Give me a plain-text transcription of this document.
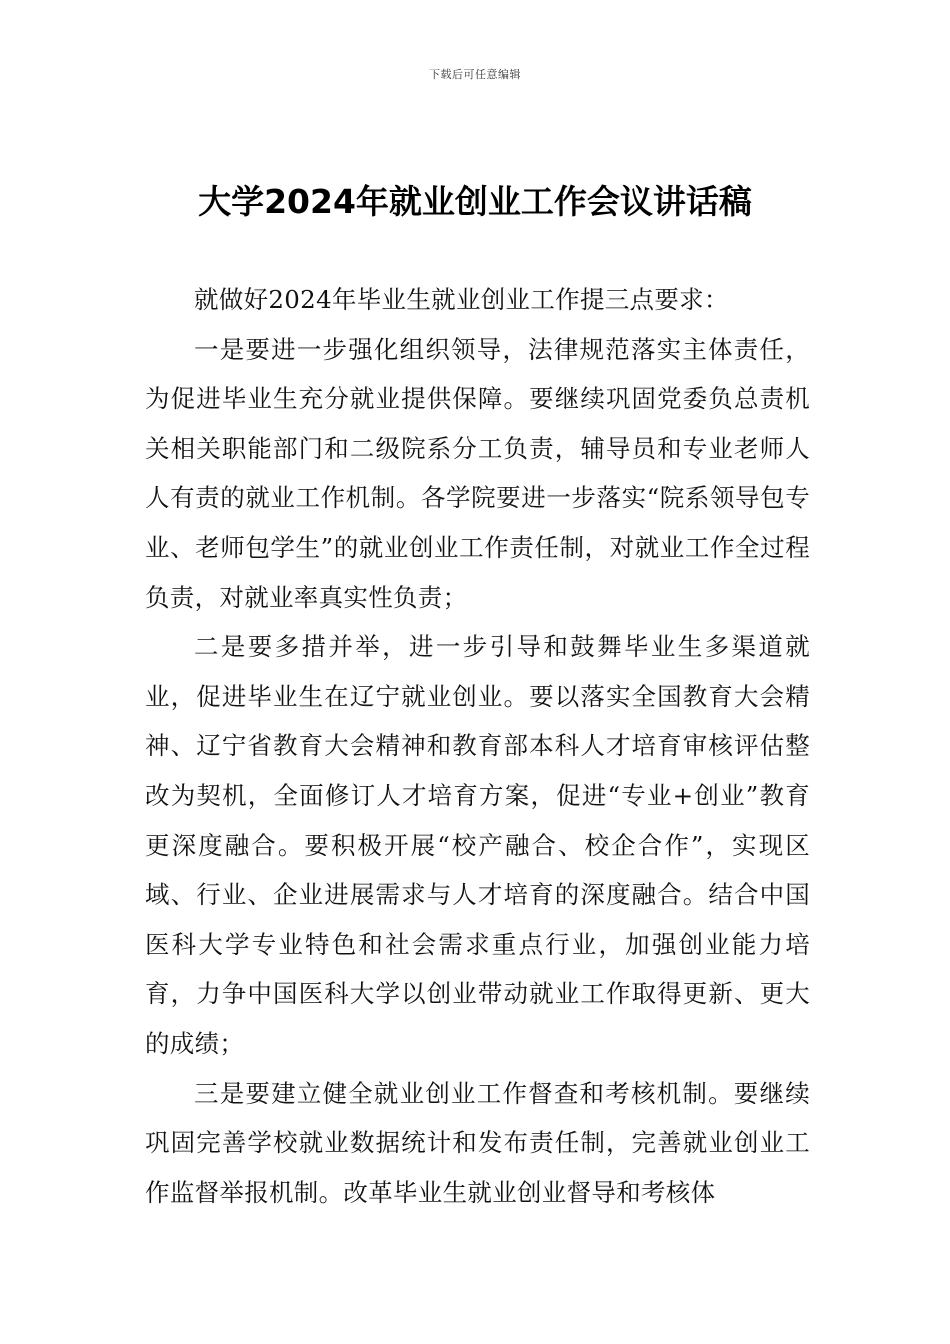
下载后可任意编辑
大学2024年就业创业工作会议讲话稿

就做好2024年毕业生就业创业工作提三点要求：

一是要进一步强化组织领导，法律规范落实主体责任，为促进毕业生充分就业提供保障。要继续巩固党委负总责机关相关职能部门和二级院系分工负责，辅导员和专业老师人人有责的就业工作机制。各学院要进一步落实“院系领导包专业、老师包学生”的就业创业工作责任制，对就业工作全过程负责，对就业率真实性负责；

二是要多措并举，进一步引导和鼓舞毕业生多渠道就业，促进毕业生在辽宁就业创业。要以落实全国教育大会精神、辽宁省教育大会精神和教育部本科人才培育审核评估整改为契机，全面修订人才培育方案，促进“专业+创业”教育更深度融合。要积极开展“校产融合、校企合作”，实现区域、行业、企业进展需求与人才培育的深度融合。结合中国医科大学专业特色和社会需求重点行业，加强创业能力培育，力争中国医科大学以创业带动就业工作取得更新、更大的成绩；

三是要建立健全就业创业工作督查和考核机制。要继续巩固完善学校就业数据统计和发布责任制，完善就业创业工作监督举报机制。改革毕业生就业创业督导和考核体
